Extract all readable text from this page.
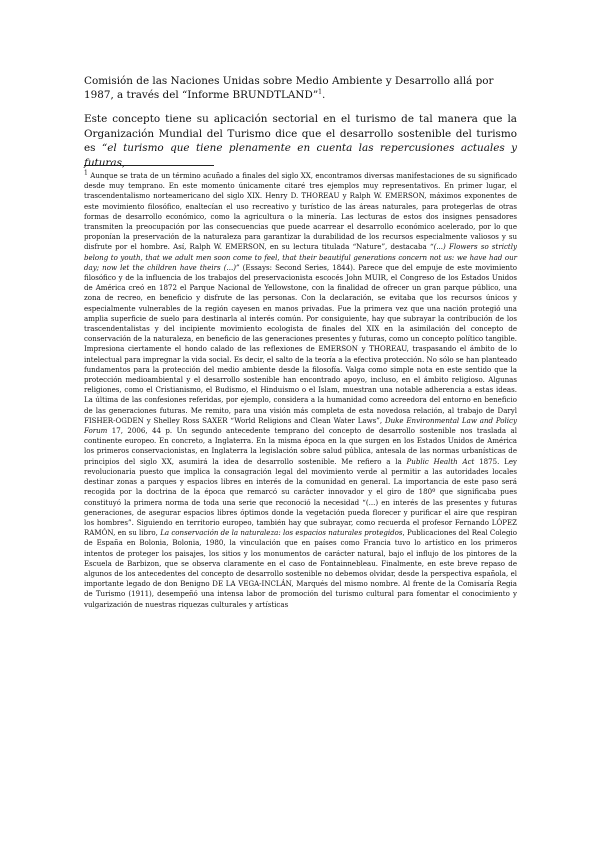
Comisión de las Naciones Unidas sobre Medio Ambiente y Desarrollo allá por 1987, a través del “Informe BRUNDTLAND”$^1$.

Este concepto tiene su aplicación sectorial en el turismo de tal manera que la Organización Mundial del Turismo dice que el desarrollo sostenible del turismo es “el turismo que tiene plenamente en cuenta las repercusiones actuales y futuras,

$^1$ Aunque se trata de un término acuñado a finales del siglo XX, encontramos diversas manifestaciones de su significado desde muy temprano. En este momento únicamente citaré tres ejemplos muy representativos. En primer lugar, el trascendentalismo norteamericano del siglo XIX. Henry D. THOREAU y Ralph W. EMERSON, máximos exponentes de este movimiento filosófico, enaltecían el uso recreativo y turístico de las áreas naturales, para protegerlas de otras formas de desarrollo económico, como la agricultura o la minería. Las lecturas de estos dos insignes pensadores transmiten la preocupación por las consecuencias que puede acarrear el desarrollo económico acelerado, por lo que proponían la preservación de la naturaleza para garantizar la durabilidad de los recursos especialmente valiosos y su disfrute por el hombre. Así, Ralph W. EMERSON, en su lectura titulada “Nature”, destacaba “(...) Flowers so strictly belong to youth, that we adult men soon come to feel, that their beautiful generations concern not us: we have had our day; now let the children have theirs (...)” (Essays: Second Series, 1844). Parece que del empuje de este movimiento filosófico y de la influencia de los trabajos del preservacionista escocés John MUIR, el Congreso de los Estados Unidos de América creó en 1872 el Parque Nacional de Yellowstone, con la finalidad de ofrecer un gran parque público, una zona de recreo, en beneficio y disfrute de las personas. Con la declaración, se evitaba que los recursos únicos y especialmente vulnerables de la región cayesen en manos privadas. Fue la primera vez que una nación protegió una amplia superficie de suelo para destinarla al interés común. Por consiguiente, hay que subrayar la contribución de los trascendentalistas y del incipiente movimiento ecologista de finales del XIX en la asimilación del concepto de conservación de la naturaleza, en beneficio de las generaciones presentes y futuras, como un concepto político tangible. Impresiona ciertamente el hondo calado de las reflexiones de EMERSON y THOREAU, traspasando el ámbito de lo intelectual para impregnar la vida social. Es decir, el salto de la teoría a la efectiva protección. No sólo se han planteado fundamentos para la protección del medio ambiente desde la filosofía. Valga como simple nota en este sentido que la protección medioambiental y el desarrollo sostenible han encontrado apoyo, incluso, en el ámbito religioso. Algunas religiones, como el Cristianismo, el Budismo, el Hinduismo o el Islam, muestran una notable adherencia a estas ideas. La última de las confesiones referidas, por ejemplo, considera a la humanidad como acreedora del entorno en beneficio de las generaciones futuras. Me remito, para una visión más completa de esta novedosa relación, al trabajo de Daryl FISHER-OGDEN y Shelley Ross SAXER “World Religions and Clean Water Laws”, Duke Environmental Law and Policy Forum 17, 2006, 44 p. Un segundo antecedente temprano del concepto de desarrollo sostenible nos traslada al continente europeo. En concreto, a Inglaterra. En la misma época en la que surgen en los Estados Unidos de América los primeros conservacionistas, en Inglaterra la legislación sobre salud pública, antesala de las normas urbanísticas de principios del siglo XX, asumirá la idea de desarrollo sostenible. Me refiero a la Public Health Act 1875. Ley revolucionaria puesto que implica la consagración legal del movimiento verde al permitir a las autoridades locales destinar zonas a parques y espacios libres en interés de la comunidad en general. La importancia de este paso será recogida por la doctrina de la época que remarcó su carácter innovador y el giro de 180º que significaba pues constituyó la primera norma de toda una serie que reconoció la necesidad “(...) en interés de las presentes y futuras generaciones, de asegurar espacios libres óptimos donde la vegetación pueda florecer y purificar el aire que respiran los hombres”. Siguiendo en territorio europeo, también hay que subrayar, como recuerda el profesor Fernando LÓPEZ RAMÓN, en su libro, La conservación de la naturaleza: los espacios naturales protegidos, Publicaciones del Real Colegio de España en Bolonia, Bolonia, 1980, la vinculación que en países como Francia tuvo lo artístico en los primeros intentos de proteger los paisajes, los sitios y los monumentos de carácter natural, bajo el influjo de los pintores de la Escuela de Barbizon, que se observa claramente en el caso de Fontainnebleau. Finalmente, en este breve repaso de algunos de los antecedentes del concepto de desarrollo sostenible no debemos olvidar, desde la perspectiva española, el importante legado de don Benigno DE LA VEGA-INCLÁN, Marqués del mismo nombre. Al frente de la Comisaría Regia de Turismo (1911), desempeñó una intensa labor de promoción del turismo cultural para fomentar el conocimiento y vulgarización de nuestras riquezas culturales y artísticas
